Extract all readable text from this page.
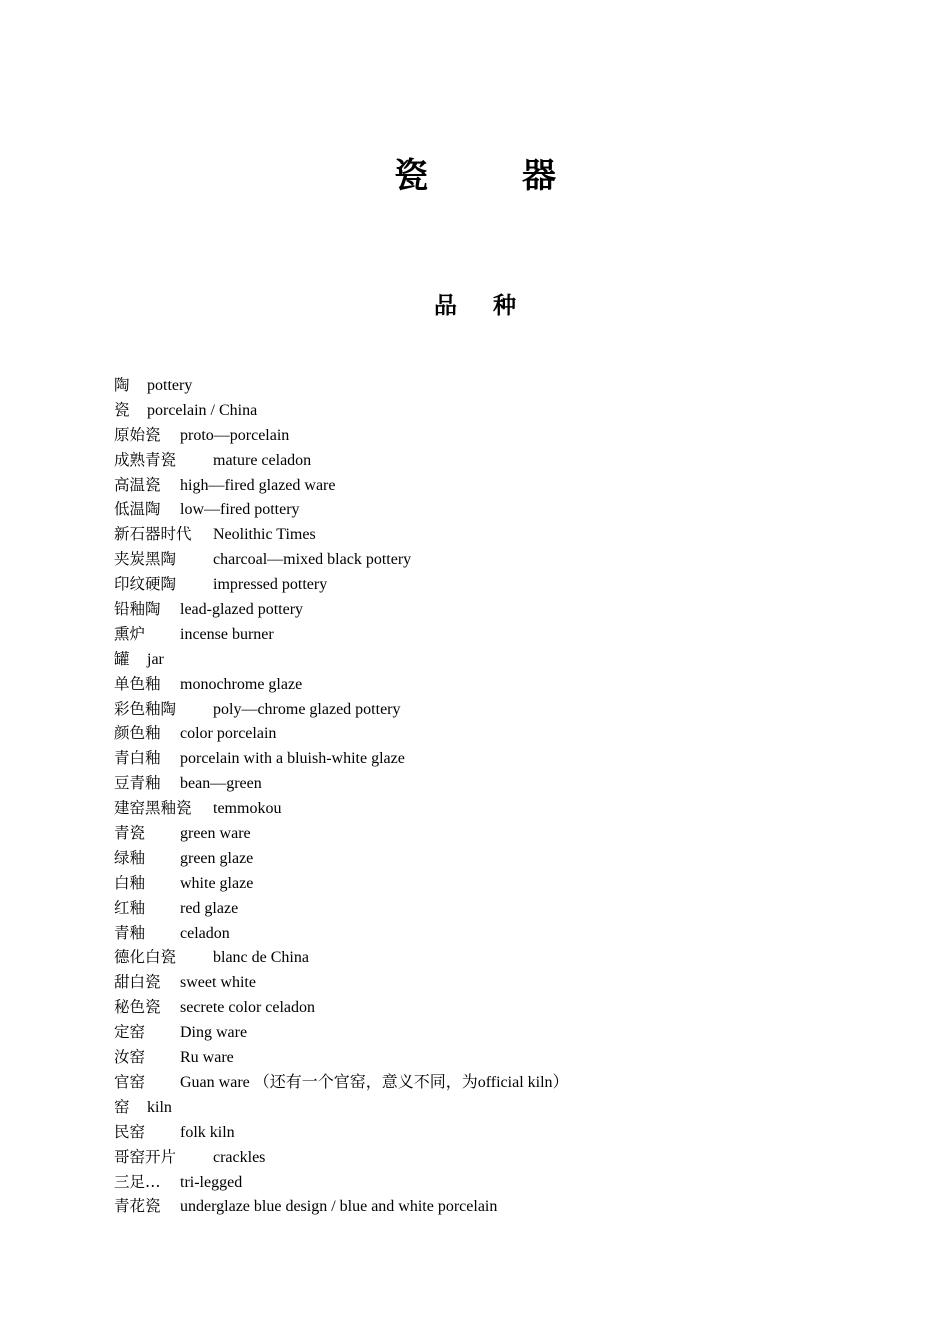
瓷　器
品 种
陶 pottery
瓷 porcelain / China
原始瓷 proto—porcelain
成熟青瓷 mature celadon
高温瓷 high—fired glazed ware
低温陶 low—fired pottery
新石器时代 Neolithic Times
夹炭黑陶 charcoal—mixed black pottery
印纹硬陶 impressed pottery
铅釉陶 lead-glazed pottery
熏炉 incense burner
罐 jar
单色釉 monochrome glaze
彩色釉陶 poly—chrome glazed pottery
颜色釉 color porcelain
青白釉 porcelain with a bluish-white glaze
豆青釉 bean—green
建窑黑釉瓷 temmokou
青瓷 green ware
绿釉 green glaze
白釉 white glaze
红釉 red glaze
青釉 celadon
德化白瓷 blanc de China
甜白瓷 sweet white
秘色瓷 secrete color celadon
定窑 Ding ware
汝窑 Ru ware
官窑 Guan ware （还有一个官窑，意义不同，为official kiln）
窑 kiln
民窑 folk kiln
哥窑开片 crackles
三足… tri-legged
青花瓷 underglaze blue design / blue and white porcelain
